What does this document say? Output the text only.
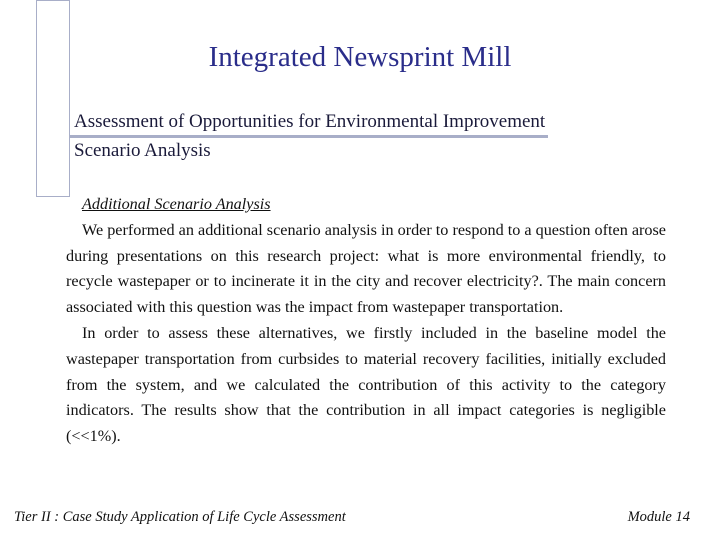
Integrated Newsprint Mill
Assessment of Opportunities for Environmental Improvement
Scenario Analysis
Additional Scenario Analysis

We performed an additional scenario analysis in order to respond to a question often arose during presentations on this research project: what is more environmental friendly, to recycle wastepaper or to incinerate it in the city and recover electricity?. The main concern associated with this question was the impact from wastepaper transportation.

In order to assess these alternatives, we firstly included in the baseline model the wastepaper transportation from curbsides to material recovery facilities, initially excluded from the system, and we calculated the contribution of this activity to the category indicators. The results show that the contribution in all impact categories is negligible (<<1%).

Tier II : Case Study Application of Life Cycle Assessment	Module 14
